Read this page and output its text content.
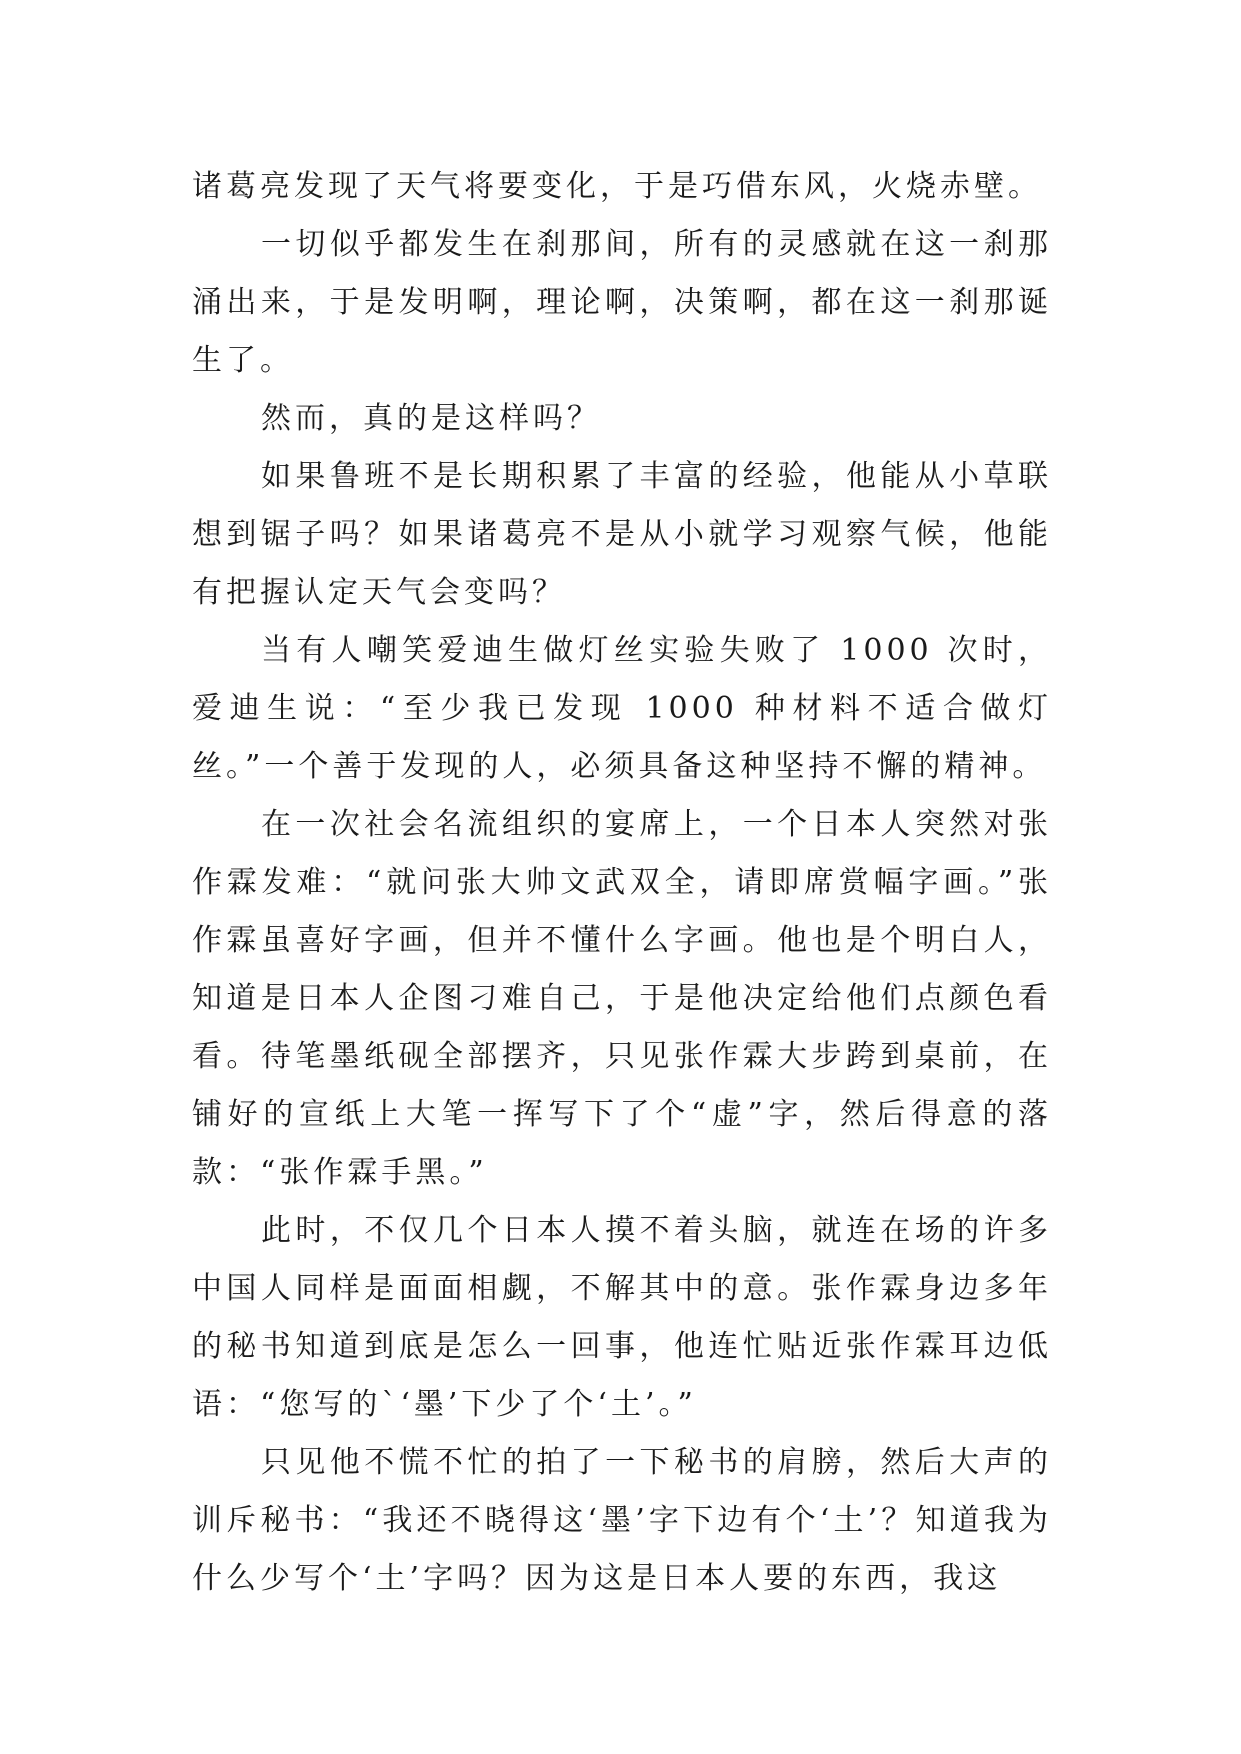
诸葛亮发现了天气将要变化，于是巧借东风，火烧赤壁。

一切似乎都发生在刹那间，所有的灵感就在这一刹那涌出来，于是发明啊，理论啊，决策啊，都在这一刹那诞生了。

然而，真的是这样吗？

如果鲁班不是长期积累了丰富的经验，他能从小草联想到锯子吗？如果诸葛亮不是从小就学习观察气候，他能有把握认定天气会变吗？

当有人嘲笑爱迪生做灯丝实验失败了 1000 次时，爱迪生说：“至少我已发现 1000 种材料不适合做灯丝。”一个善于发现的人，必须具备这种坚持不懈的精神。

在一次社会名流组织的宴席上，一个日本人突然对张作霖发难：“就问张大帅文武双全，请即席赏幅字画。”张作霖虽喜好字画，但并不懂什么字画。他也是个明白人，知道是日本人企图刁难自己，于是他决定给他们点颜色看看。待笔墨纸砚全部摆齐，只见张作霖大步跨到桌前，在铺好的宣纸上大笔一挥写下了个“虚”字，然后得意的落款：“张作霖手黑。”

此时，不仅几个日本人摸不着头脑，就连在场的许多中国人同样是面面相觑，不解其中的意。张作霖身边多年的秘书知道到底是怎么一回事，他连忙贴近张作霖耳边低语：“您写的`‘墨’下少了个‘土’。”

只见他不慌不忙的拍了一下秘书的肩膀，然后大声的训斥秘书：“我还不晓得这‘墨’字下边有个‘土’？知道我为什么少写个‘土’字吗？因为这是日本人要的东西，我这
